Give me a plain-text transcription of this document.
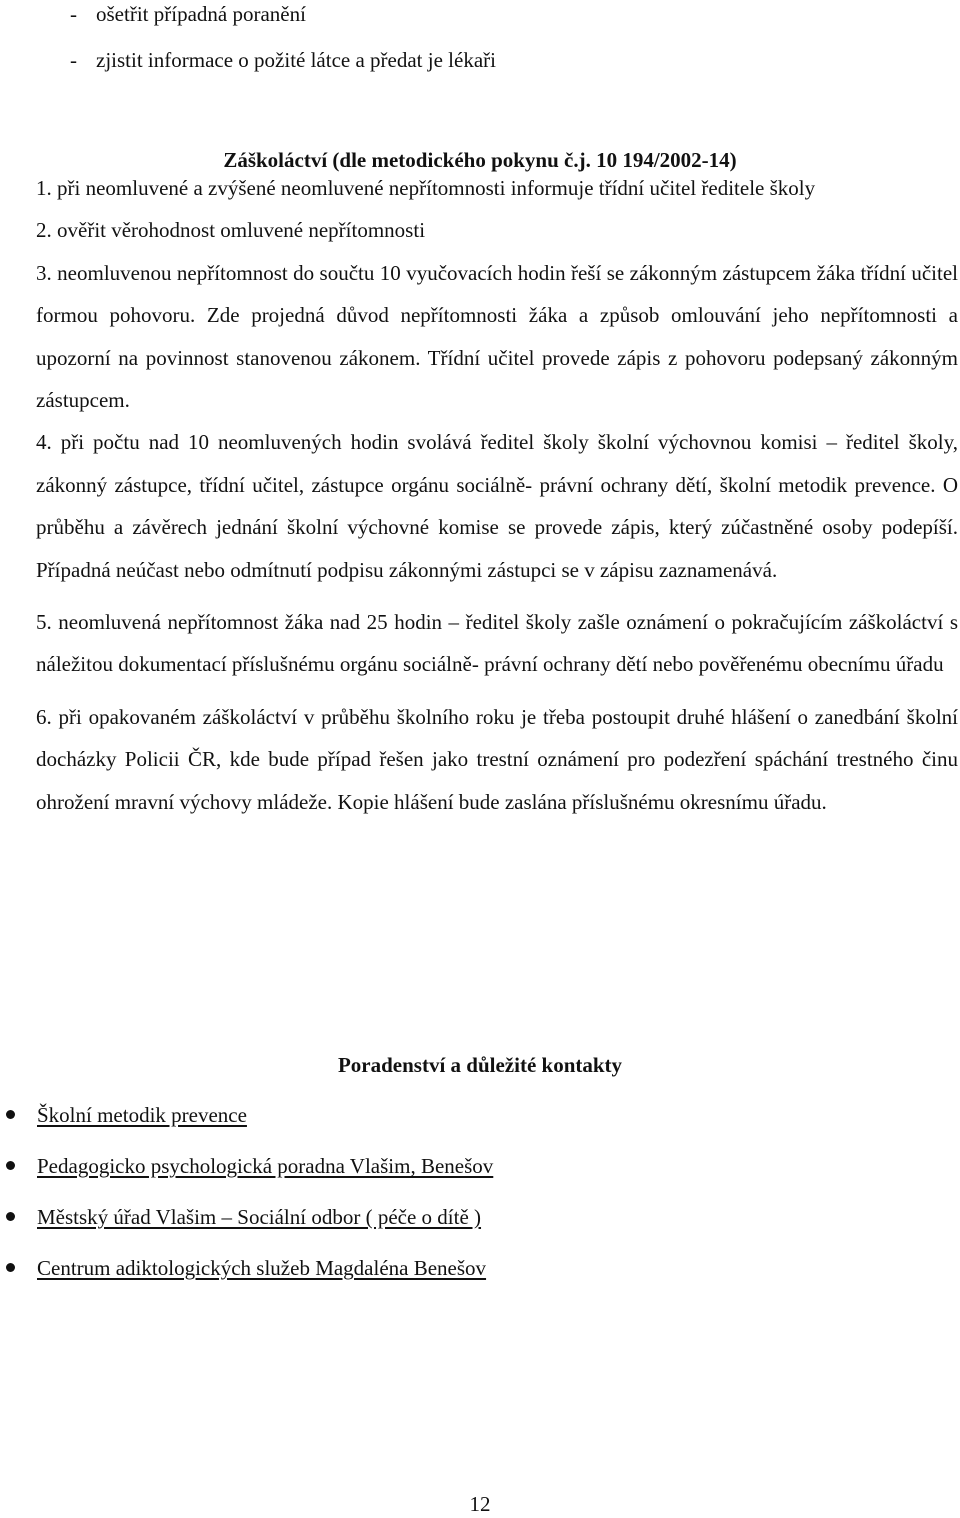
- ošetřit případná poranění
- zjistit informace o požité látce a předat je lékaři
Záškoláctví (dle metodického pokynu č.j. 10 194/2002-14)

1. při neomluvené a zvýšené neomluvené nepřítomnosti informuje třídní učitel ředitele školy

2. ověřit věrohodnost omluvené nepřítomnosti

3. neomluvenou nepřítomnost do součtu 10 vyučovacích hodin řeší se zákonným zástupcem žáka třídní učitel formou pohovoru. Zde projedná důvod nepřítomnosti žáka a způsob omlouvání jeho nepřítomnosti a upozorní na povinnost stanovenou zákonem. Třídní učitel provede zápis z pohovoru podepsaný zákonným zástupcem.

4. při počtu nad 10 neomluvených hodin svolává ředitel školy školní výchovnou komisi – ředitel školy, zákonný zástupce, třídní učitel, zástupce orgánu sociálně- právní ochrany dětí, školní metodik prevence. O průběhu a závěrech jednání školní výchovné komise se provede zápis, který zúčastněné osoby podepíší. Případná neúčast nebo odmítnutí podpisu zákonnými zástupci se v zápisu zaznamenává.

5. neomluvená nepřítomnost žáka nad 25 hodin – ředitel školy zašle oznámení o pokračujícím záškoláctví s náležitou dokumentací příslušnému orgánu sociálně- právní ochrany dětí nebo pověřenému obecnímu úřadu

6. při opakovaném záškoláctví v průběhu školního roku je třeba postoupit druhé hlášení o zanedbání školní docházky Policii ČR, kde bude případ řešen jako trestní oznámení pro podezření spáchání trestného činu ohrožení mravní výchovy mládeže. Kopie hlášení bude zaslána příslušnému okresnímu úřadu.

Poradenství a důležité kontakty
Školní metodik prevence
Pedagogicko psychologická poradna Vlašim, Benešov
Městský úřad Vlašim – Sociální odbor ( péče o dítě )
Centrum adiktologických služeb Magdaléna Benešov
12
